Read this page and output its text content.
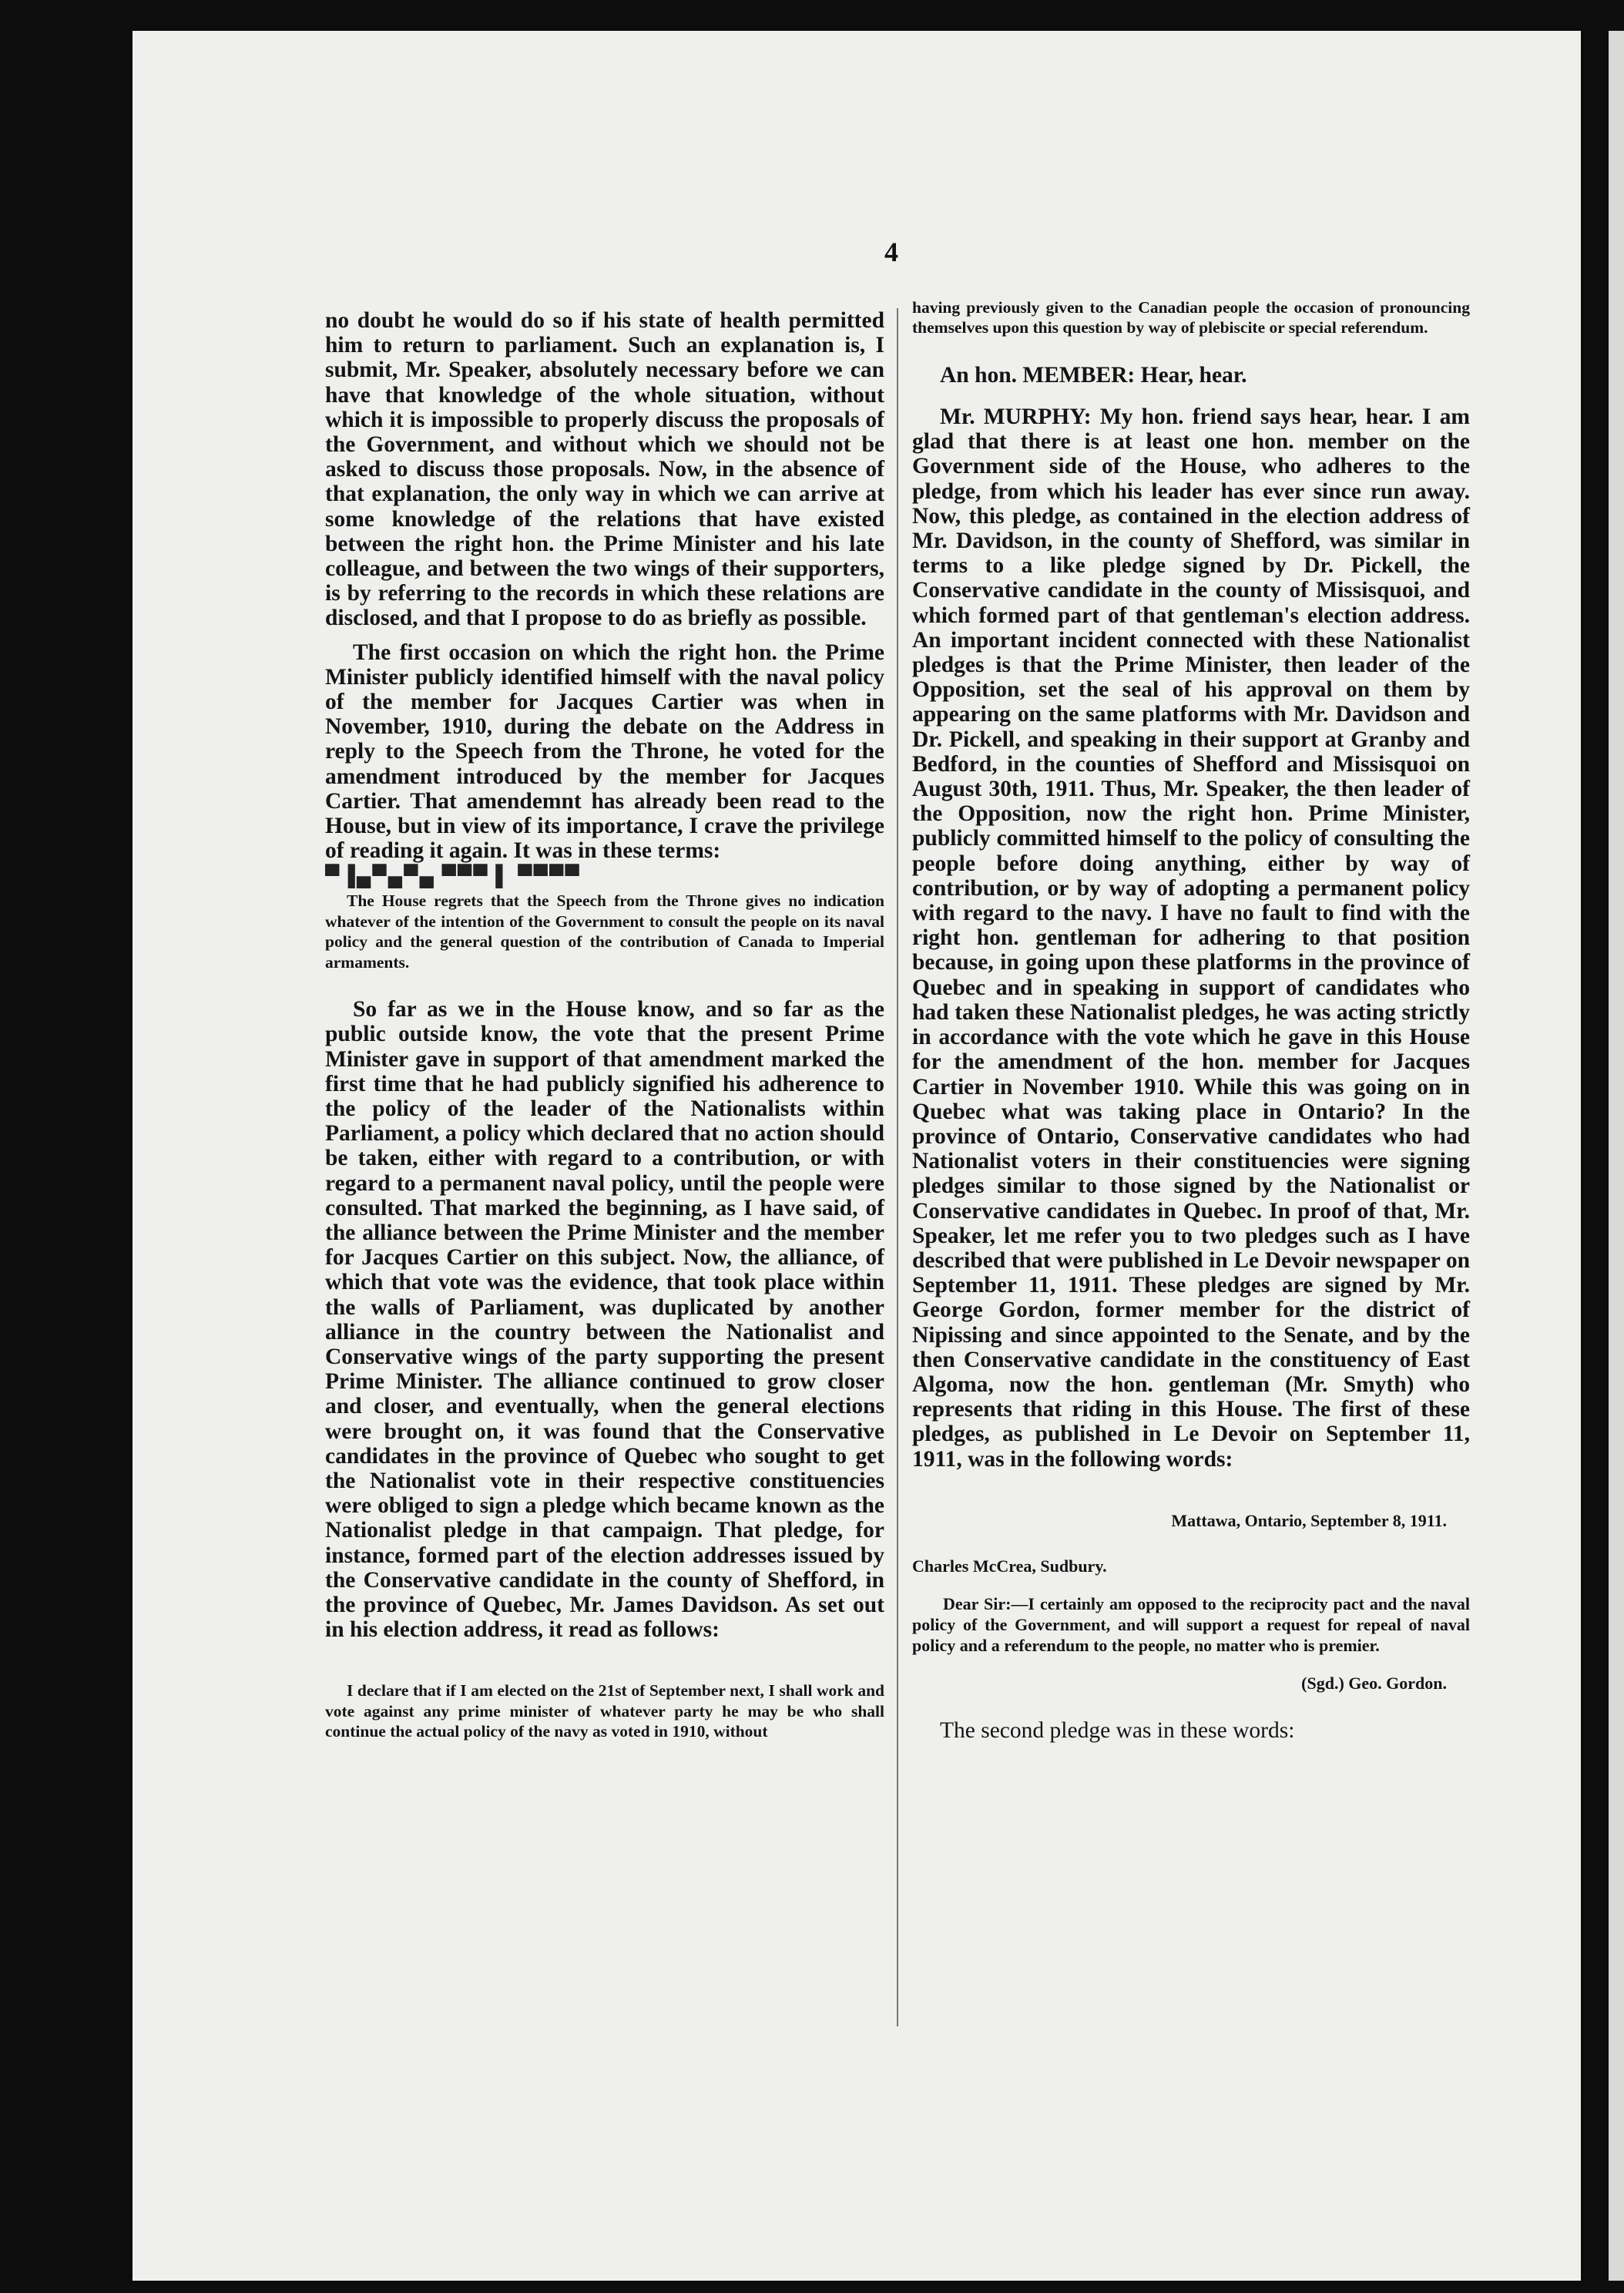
4

no doubt he would do so if his state of health permitted him to return to parliament. Such an explanation is, I submit, Mr. Speaker, absolutely necessary before we can have that knowledge of the whole situation, without which it is impossible to properly discuss the proposals of the Government, and without which we should not be asked to discuss those proposals. Now, in the absence of that explanation, the only way in which we can arrive at some knowledge of the relations that have existed between the right hon. the Prime Minister and his late colleague, and between the two wings of their supporters, is by referring to the records in which these relations are disclosed, and that I propose to do as briefly as possible.

The first occasion on which the right hon. the Prime Minister publicly identified himself with the naval policy of the member for Jacques Cartier was when in November, 1910, during the debate on the Address in reply to the Speech from the Throne, he voted for the amendment introduced by the member for Jacques Cartier. That amendemnt has already been read to the House, but in view of its importance, I crave the privilege of reading it again. It was in these terms:

▀▐▄▀▄▀▄ ▀▀▀ ▌ ▀▀▀▀

The House regrets that the Speech from the Throne gives no indication whatever of the intention of the Government to consult the people on its naval policy and the general question of the contribution of Canada to Imperial armaments.

So far as we in the House know, and so far as the public outside know, the vote that the present Prime Minister gave in support of that amendment marked the first time that he had publicly signified his adherence to the policy of the leader of the Nationalists within Parliament, a policy which declared that no action should be taken, either with regard to a contribution, or with regard to a permanent naval policy, until the people were consulted. That marked the beginning, as I have said, of the alliance between the Prime Minister and the member for Jacques Cartier on this subject. Now, the alliance, of which that vote was the evidence, that took place within the walls of Parliament, was duplicated by another alliance in the country between the Nationalist and Conservative wings of the party supporting the present Prime Minister. The alliance continued to grow closer and closer, and eventually, when the general elections were brought on, it was found that the Conservative candidates in the province of Quebec who sought to get the Nationalist vote in their respective constituencies were obliged to sign a pledge which became known as the Nationalist pledge in that campaign. That pledge, for instance, formed part of the election addresses issued by the Conservative candidate in the county of Shefford, in the province of Quebec, Mr. James Davidson. As set out in his election address, it read as follows:

I declare that if I am elected on the 21st of September next, I shall work and vote against any prime minister of whatever party he may be who shall continue the actual policy of the navy as voted in 1910, without

having previously given to the Canadian people the occasion of pronouncing themselves upon this question by way of plebiscite or special referendum.

An hon. MEMBER: Hear, hear.

Mr. MURPHY: My hon. friend says hear, hear. I am glad that there is at least one hon. member on the Government side of the House, who adheres to the pledge, from which his leader has ever since run away. Now, this pledge, as contained in the election address of Mr. Davidson, in the county of Shefford, was similar in terms to a like pledge signed by Dr. Pickell, the Conservative candidate in the county of Missisquoi, and which formed part of that gentleman's election address. An important incident connected with these Nationalist pledges is that the Prime Minister, then leader of the Opposition, set the seal of his approval on them by appearing on the same platforms with Mr. Davidson and Dr. Pickell, and speaking in their support at Granby and Bedford, in the counties of Shefford and Missisquoi on August 30th, 1911. Thus, Mr. Speaker, the then leader of the Opposition, now the right hon. Prime Minister, publicly committed himself to the policy of consulting the people before doing anything, either by way of contribution, or by way of adopting a permanent policy with regard to the navy. I have no fault to find with the right hon. gentleman for adhering to that position because, in going upon these platforms in the province of Quebec and in speaking in support of candidates who had taken these Nationalist pledges, he was acting strictly in accordance with the vote which he gave in this House for the amendment of the hon. member for Jacques Cartier in November 1910. While this was going on in Quebec what was taking place in Ontario? In the province of Ontario, Conservative candidates who had Nationalist voters in their constituencies were signing pledges similar to those signed by the Nationalist or Conservative candidates in Quebec. In proof of that, Mr. Speaker, let me refer you to two pledges such as I have described that were published in Le Devoir newspaper on September 11, 1911. These pledges are signed by Mr. George Gordon, former member for the district of Nipissing and since appointed to the Senate, and by the then Conservative candidate in the constituency of East Algoma, now the hon. gentleman (Mr. Smyth) who represents that riding in this House. The first of these pledges, as published in Le Devoir on September 11, 1911, was in the following words:

Mattawa, Ontario, September 8, 1911.
Charles McCrea, Sudbury.

Dear Sir:—I certainly am opposed to the reciprocity pact and the naval policy of the Government, and will support a request for repeal of naval policy and a referendum to the people, no matter who is premier.

(Sgd.) Geo. Gordon.

The second pledge was in these words:
